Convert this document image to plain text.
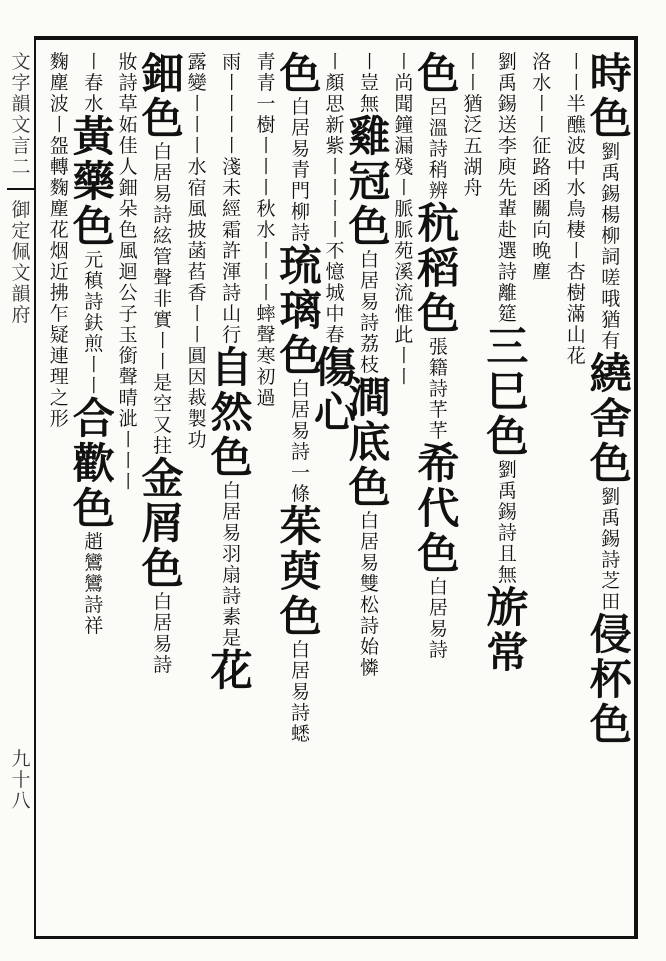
文
字
韻
文
言
二
御
定
佩
文
韻
府
九
十
八
時
色
劉
禹
錫
楊
柳
詞
嗟
哦
猶
有
繞
舍
色
劉
禹
錫
詩
芝
田
侵
杯
色
〡
〡
半
醮
波
中
水
鳥
棲
〡
杏
樹
滿
山
花
洛
水
〡
〡
征
路
函
關
向
晚
塵
劉
禹
錫
送
李
庾
先
輩
赴
選
詩
離
筵
三
巳
色
劉
禹
錫
詩
且
無
旂
常
〡
〡
猶
泛
五
湖
舟
色
呂
溫
詩
稍
辨
秔
稻
色
張
籍
詩
芊
芊
希
代
色
白
居
易
詩
〡
尚
聞
鐘
漏
殘
〡
脈
脈
苑
溪
流
惟
此
〡
〡
〡
豈
無
雞
冠
色
白
居
易
詩
荔
枝
澗
底
色
白
居
易
雙
松
詩
始
憐
〡
顏
思
新
紫
〡
〡
〡
〡
不
憶
城
中
春
傷
心
色
白
居
易
青
門
柳
詩
琉
璃
色
白
居
易
詩
一
條
茱
萸
色
白
居
易
詩
蟋
青
青
一
樹
〡
〡
〡
秋
水
〡
〡
〡
蟀
聲
寒
初
過
雨
〡
〡
〡
〡
淺
未
經
霜
許
渾
詩
山
行
自
然
色
白
居
易
羽
扇
詩
素
是
花
露
變
〡
〡
〡
水
宿
風
披
菡
萏
香
〡
〡
圓
因
裁
製
功
鈿
色
白
居
易
詩
絃
管
聲
非
實
〡
〡
是
空
又
拄
金
屑
色
白
居
易
詩
妝
詩
草
妬
佳
人
鈿
朵
色
風
迴
公
子
玉
銜
聲
晴
泚
〡
〡
〡
〡
春
水
黃
藥
色
元
稹
詩
鈇
煎
〡
〡
合
歡
色
趙
鸞
鸞
詩
祥
麴
塵
波
〡
盌
轉
麴
塵
花
烟
近
拂
乍
疑
連
理
之
形
